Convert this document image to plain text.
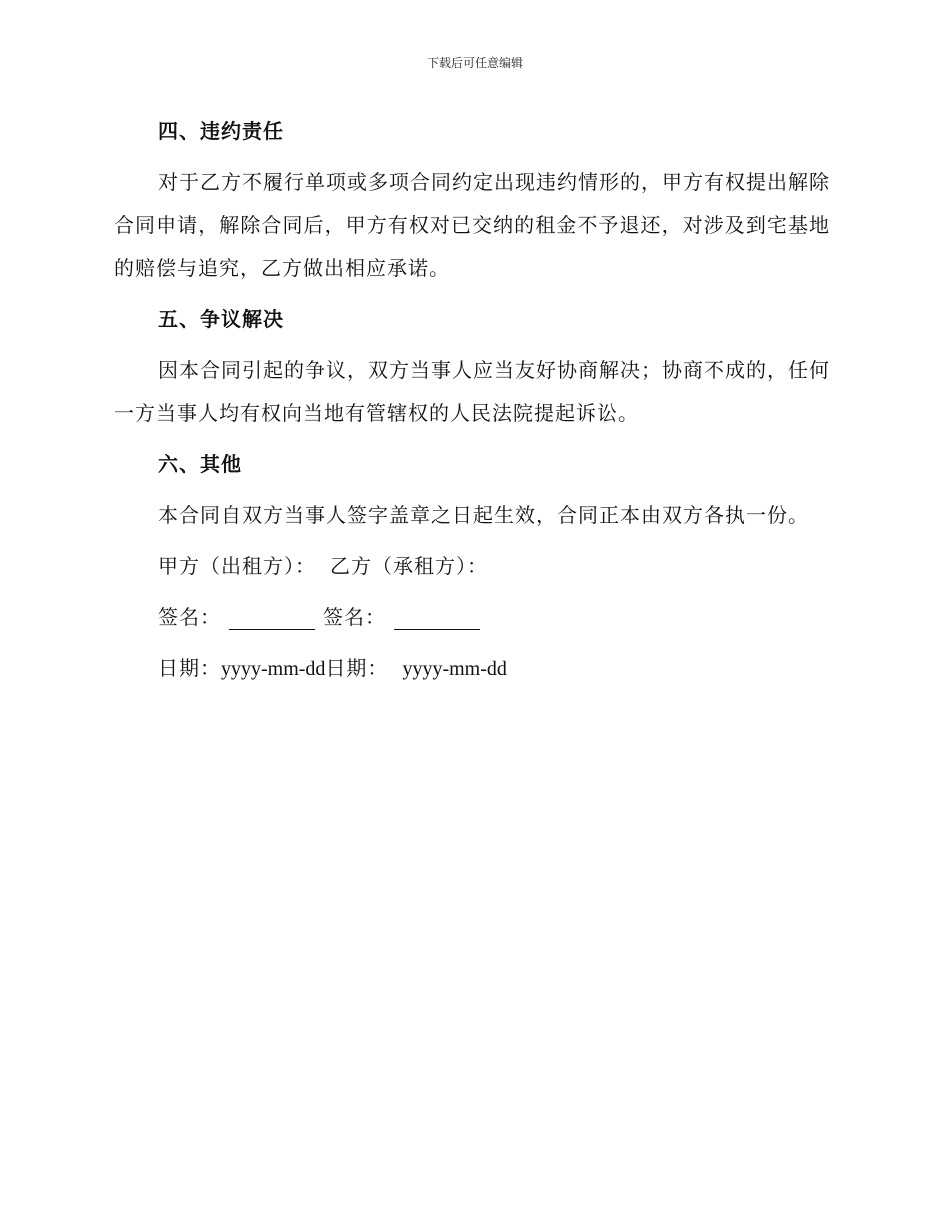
下载后可任意编辑
四、违约责任

对于乙方不履行单项或多项合同约定出现违约情形的，甲方有权提出解除合同申请，解除合同后，甲方有权对已交纳的租金不予退还，对涉及到宅基地的赔偿与追究，乙方做出相应承诺。

五、争议解决

因本合同引起的争议，双方当事人应当友好协商解决；协商不成的，任何一方当事人均有权向当地有管辖权的人民法院提起诉讼。

六、其他

本合同自双方当事人签字盖章之日起生效，合同正本由双方各执一份。

甲方（出租方）： 乙方（承租方）：
签名：	签名：
日期：yyyy-mm-dd日期： yyyy-mm-dd
